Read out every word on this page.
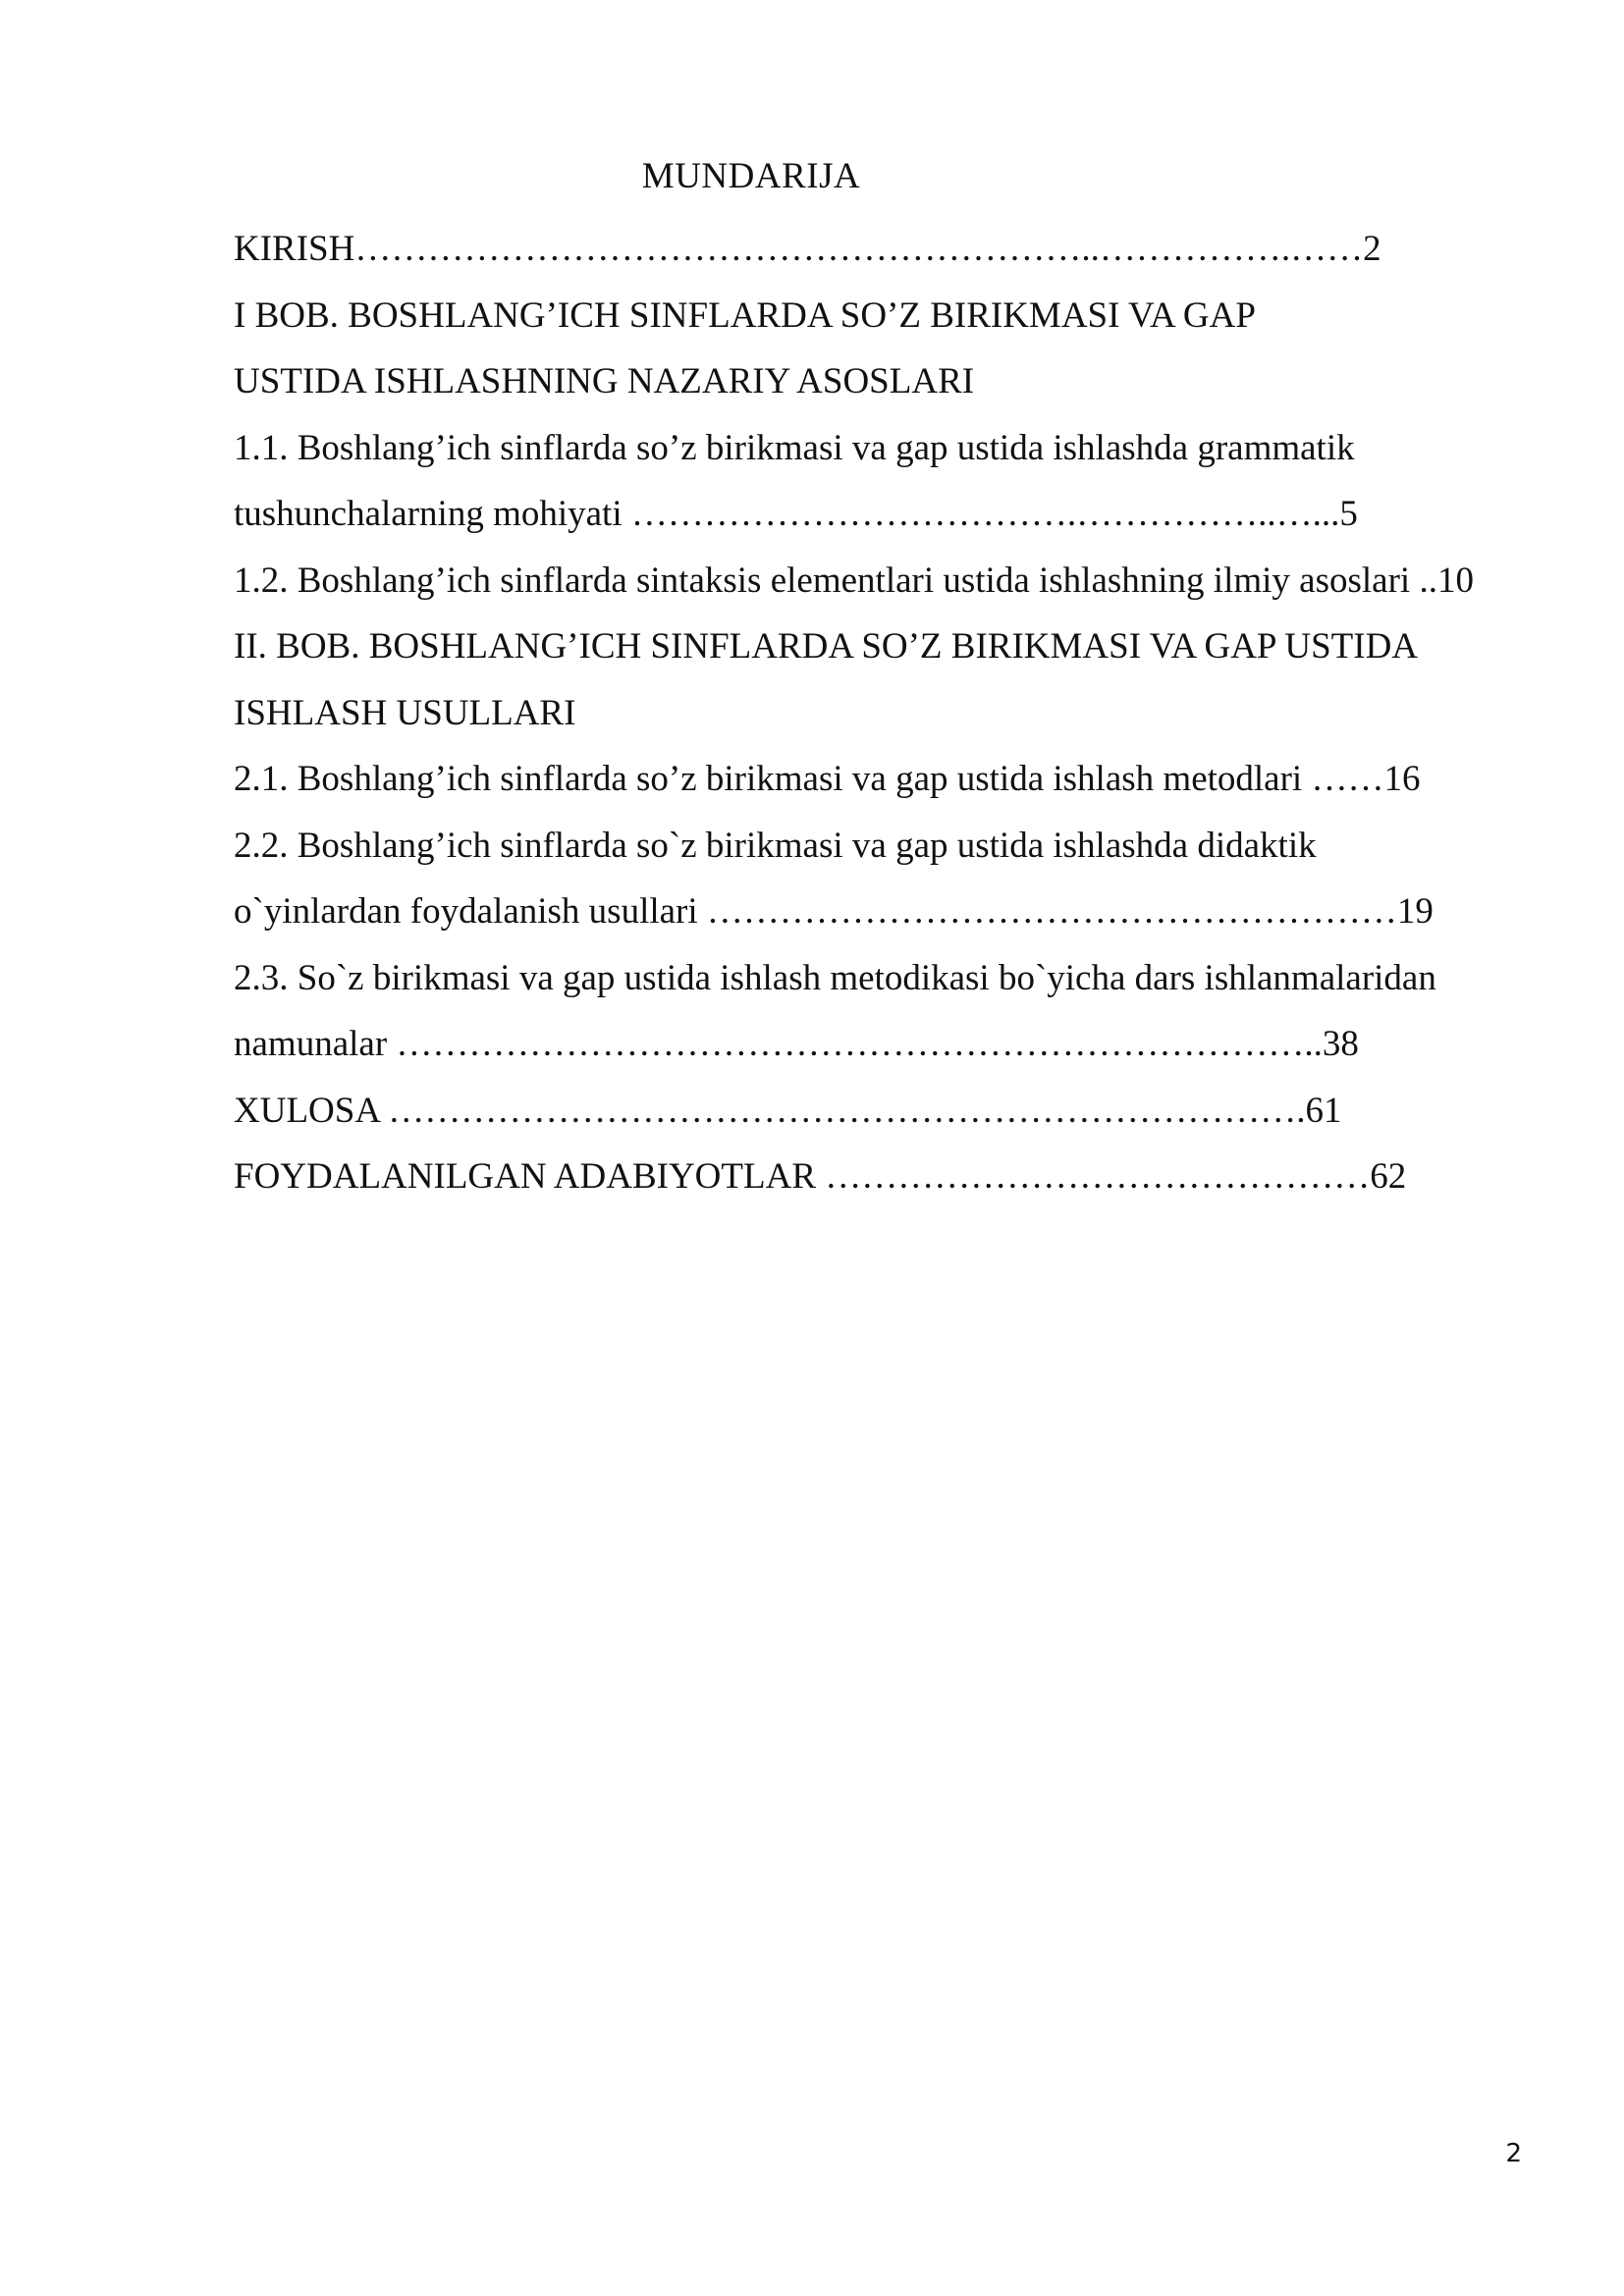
MUNDARIJA
KIRISH……………………………………………………..…………….……2
I BOB. BOSHLANG’ICH SINFLARDA SO’Z BIRIKMASI VA GAP
USTIDA ISHLASHNING NAZARIY ASOSLARI
1.1. Boshlang’ich sinflarda so’z birikmasi va gap ustida ishlashda grammatik
tushunchalarning mohiyati ……………………………….……………..…...5
1.2. Boshlang’ich sinflarda sintaksis elementlari ustida ishlashning ilmiy asoslari ..10
II. BOB. BOSHLANG’ICH SINFLARDA SO’Z BIRIKMASI VA GAP USTIDA
ISHLASH USULLARI
2.1. Boshlang’ich sinflarda so’z birikmasi va gap ustida ishlash metodlari ……16
2.2. Boshlang’ich sinflarda so`z birikmasi va gap ustida ishlashda didaktik
o`yinlardan foydalanish usullari …………………………………………………19
2.3. So`z birikmasi va gap ustida ishlash metodikasi bo`yicha dars ishlanmalaridan
namunalar …………………………………………………………………..38
XULOSA ………………………………………………………………….61
FOYDALANILGAN ADABIYOTLAR ………………………………………62
2
